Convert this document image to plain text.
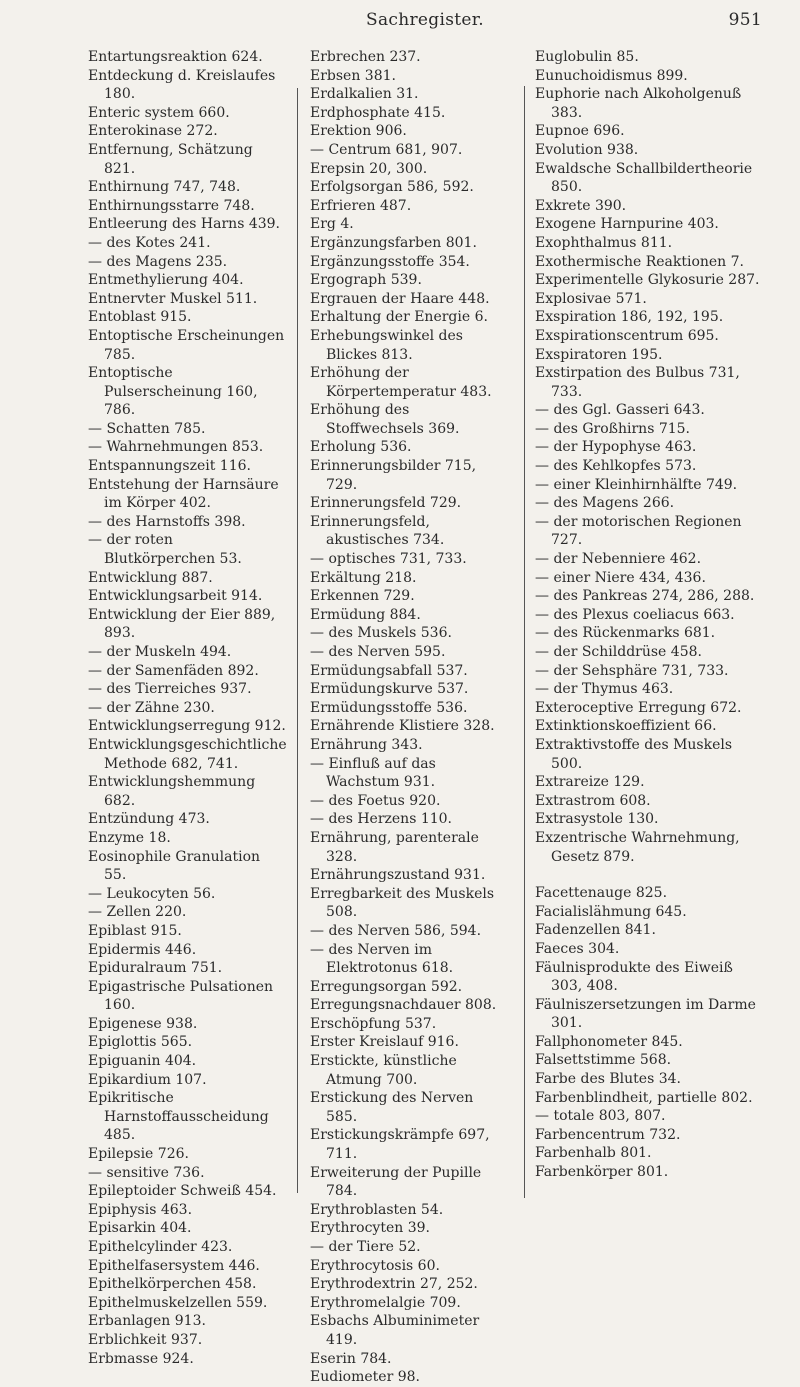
Sachregister.	951
Entartungsreaktion 624.
Entdeckung d. Kreislaufes 180.
Enteric system 660.
Enterokinase 272.
Entfernung, Schätzung 821.
Enthirnung 747, 748.
Enthirnungsstarre 748.
Entleerung des Harns 439.
— des Kotes 241.
— des Magens 235.
Entmethylierung 404.
Entnervter Muskel 511.
Entoblast 915.
Entoptische Erscheinungen 785.
Entoptische Pulserscheinung 160, 786.
— Schatten 785.
— Wahrnehmungen 853.
Entspannungszeit 116.
Entstehung der Harnsäure im Körper 402.
— des Harnstoffs 398.
— der roten Blutkörperchen 53.
Entwicklung 887.
Entwicklungsarbeit 914.
Entwicklung der Eier 889, 893.
— der Muskeln 494.
— der Samenfäden 892.
— des Tierreiches 937.
— der Zähne 230.
Entwicklungserregung 912.
Entwicklungsgeschichtliche Methode 682, 741.
Entwicklungshemmung 682.
Entzündung 473.
Enzyme 18.
Eosinophile Granulation 55.
— Leukocyten 56.
— Zellen 220.
Epiblast 915.
Epidermis 446.
Epiduralraum 751.
Epigastrische Pulsationen 160.
Epigenese 938.
Epiglottis 565.
Epiguanin 404.
Epikardium 107.
Epikritische Harnstoffausscheidung 485.
Epilepsie 726.
— sensitive 736.
Epileptoider Schweiß 454.
Epiphysis 463.
Episarkin 404.
Epithelcylinder 423.
Epithelfasersystem 446.
Epithelkörperchen 458.
Epithelmuskelzellen 559.
Erbanlagen 913.
Erblichkeit 937.
Erbmasse 924.
Erbrechen 237.
Erbsen 381.
Erdalkalien 31.
Erdphosphate 415.
Erektion 906.
— Centrum 681, 907.
Erepsin 20, 300.
Erfolgsorgan 586, 592.
Erfrieren 487.
Erg 4.
Ergänzungsfarben 801.
Ergänzungsstoffe 354.
Ergograph 539.
Ergrauen der Haare 448.
Erhaltung der Energie 6.
Erhebungswinkel des Blickes 813.
Erhöhung der Körpertemperatur 483.
Erhöhung des Stoffwechsels 369.
Erholung 536.
Erinnerungsbilder 715, 729.
Erinnerungsfeld 729.
Erinnerungsfeld, akustisches 734.
— optisches 731, 733.
Erkältung 218.
Erkennen 729.
Ermüdung 884.
— des Muskels 536.
— des Nerven 595.
Ermüdungsabfall 537.
Ermüdungskurve 537.
Ermüdungsstoffe 536.
Ernährende Klistiere 328.
Ernährung 343.
— Einfluß auf das Wachstum 931.
— des Foetus 920.
— des Herzens 110.
Ernährung, parenterale 328.
Ernährungszustand 931.
Erregbarkeit des Muskels 508.
— des Nerven 586, 594.
— des Nerven im Elektrotonus 618.
Erregungsorgan 592.
Erregungsnachdauer 808.
Erschöpfung 537.
Erster Kreislauf 916.
Erstickte, künstliche Atmung 700.
Erstickung des Nerven 585.
Erstickungskrämpfe 697, 711.
Erweiterung der Pupille 784.
Erythroblasten 54.
Erythrocyten 39.
— der Tiere 52.
Erythrocytosis 60.
Erythrodextrin 27, 252.
Erythromelalgie 709.
Esbachs Albuminimeter 419.
Eserin 784.
Eudiometer 98.
Euglobulin 85.
Eunuchoidismus 899.
Euphorie nach Alkoholgenuß 383.
Eupnoe 696.
Evolution 938.
Ewaldsche Schallbildertheorie 850.
Exkrete 390.
Exogene Harnpurine 403.
Exophthalmus 811.
Exothermische Reaktionen 7.
Experimentelle Glykosurie 287.
Explosivae 571.
Exspiration 186, 192, 195.
Exspirationscentrum 695.
Exspiratoren 195.
Exstirpation des Bulbus 731, 733.
— des Ggl. Gasseri 643.
— des Großhirns 715.
— der Hypophyse 463.
— des Kehlkopfes 573.
— einer Kleinhirnhälfte 749.
— des Magens 266.
— der motorischen Regionen 727.
— der Nebenniere 462.
— einer Niere 434, 436.
— des Pankreas 274, 286, 288.
— des Plexus coeliacus 663.
— des Rückenmarks 681.
— der Schilddrüse 458.
— der Sehsphäre 731, 733.
— der Thymus 463.
Exteroceptive Erregung 672.
Extinktionskoeffizient 66.
Extraktivstoffe des Muskels 500.
Extrareize 129.
Extrastrom 608.
Extrasystole 130.
Exzentrische Wahrnehmung, Gesetz 879.
Facettenauge 825.
Facialislähmung 645.
Fadenzellen 841.
Faeces 304.
Fäulnisprodukte des Eiweiß 303, 408.
Fäulniszersetzungen im Darme 301.
Fallphonometer 845.
Falsettstimme 568.
Farbe des Blutes 34.
Farbenblindheit, partielle 802.
— totale 803, 807.
Farbencentrum 732.
Farbenhalb 801.
Farbenkörper 801.
